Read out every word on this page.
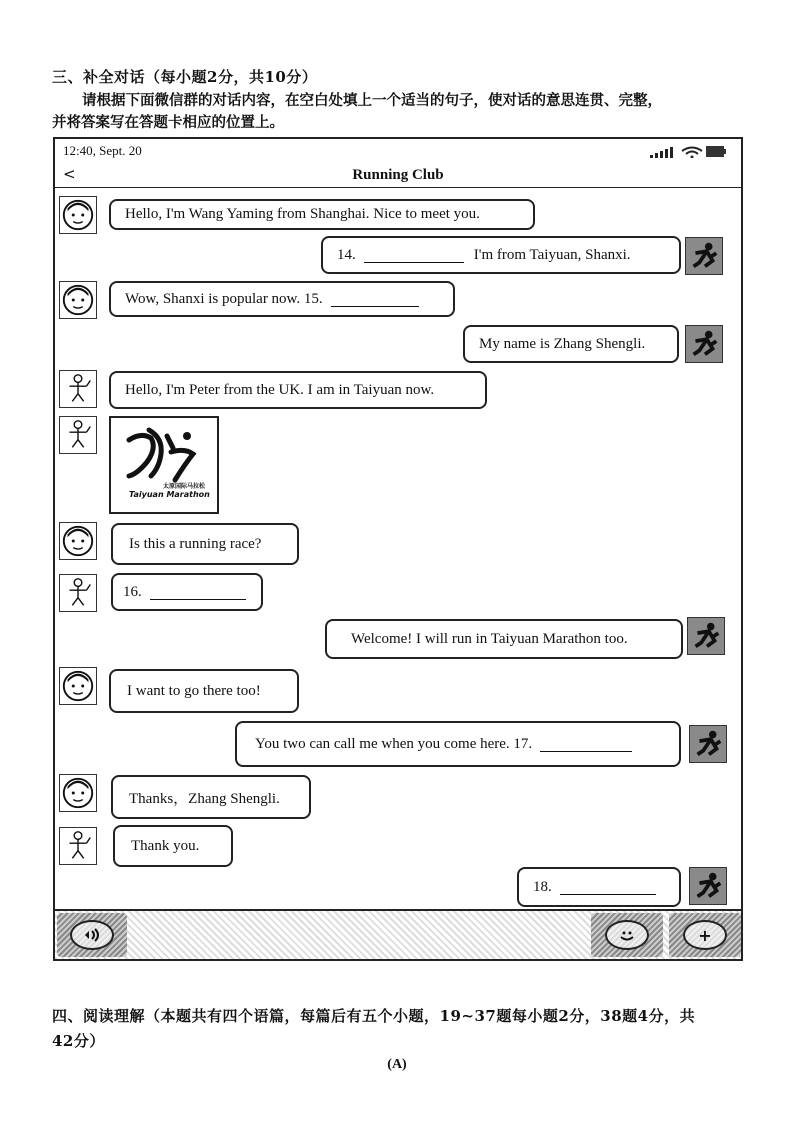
三、补全对话（每小题2分，共10分）
请根据下面微信群的对话内容，在空白处填上一个适当的句子，使对话的意思连贯、完整，
并将答案写在答题卡相应的位置上。
12:40, Sept. 20
<	Running Club
Hello, I'm Wang Yaming from Shanghai. Nice to meet you.
14.	I'm from Taiyuan, Shanxi.
Wow, Shanxi is popular now. 15.
My name is Zhang Shengli.
Hello, I'm Peter from the UK. I am in Taiyuan now.
太原国际马拉松
Taiyuan Marathon
Is this a running race?
16.
Welcome! I will run in Taiyuan Marathon too.
I want to go there too!
You two can call me when you come here. 17.
Thanks，Zhang Shengli.
Thank you.
18.
+
四、阅读理解（本题共有四个语篇，每篇后有五个小题，19~37题每小题2分，38题4分，共
42分）
(A)
